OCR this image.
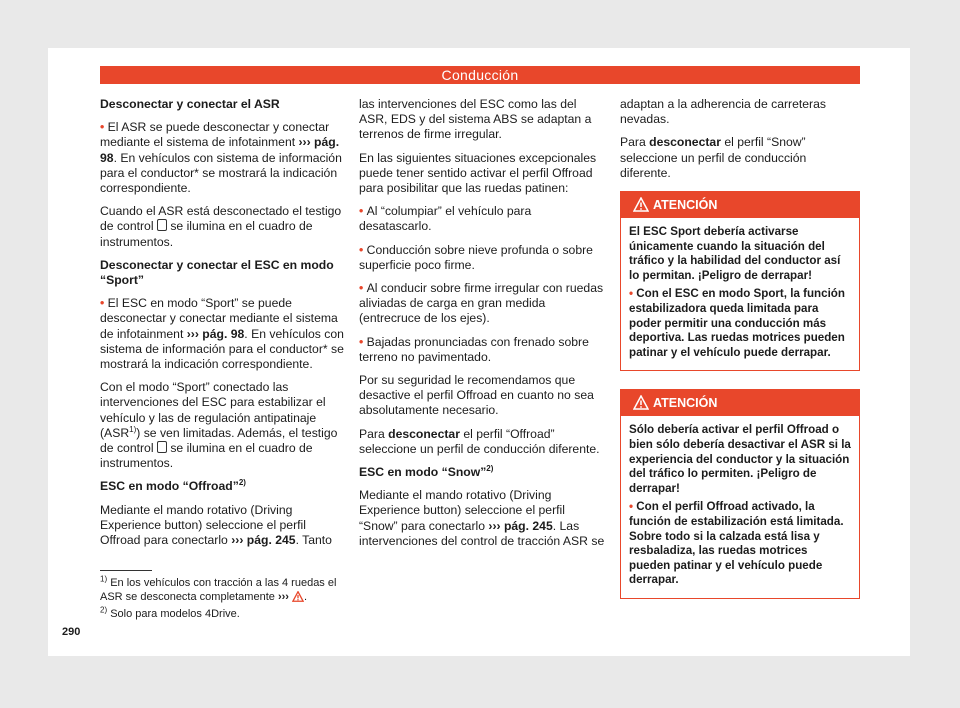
Conducción
Desconectar y conectar el ASR

• El ASR se puede desconectar y conectar mediante el sistema de infotainment ››› pág. 98. En vehículos con sistema de información para el conductor* se mostrará la indicación correspondiente.

Cuando el ASR está desconectado el testigo de control se ilumina en el cuadro de instrumentos.

Desconectar y conectar el ESC en modo “Sport”

• El ESC en modo “Sport” se puede desconectar y conectar mediante el sistema de infotainment ››› pág. 98. En vehículos con sistema de información para el conductor* se mostrará la indicación correspondiente.

Con el modo “Sport” conectado las intervenciones del ESC para estabilizar el vehículo y las de regulación antipatinaje (ASR$^{1)}$) se ven limitadas. Además, el testigo de control se ilumina en el cuadro de instrumentos.

ESC en modo “Offroad”$^{2)}$

Mediante el mando rotativo (Driving Experience button) seleccione el perfil Offroad para conectarlo ››› pág. 245. Tanto

las intervenciones del ESC como las del ASR, EDS y del sistema ABS se adaptan a terrenos de firme irregular.

En las siguientes situaciones excepcionales puede tener sentido activar el perfil Offroad para posibilitar que las ruedas patinen:

• Al “columpiar” el vehículo para desatascarlo.

• Conducción sobre nieve profunda o sobre superficie poco firme.

• Al conducir sobre firme irregular con ruedas aliviadas de carga en gran medida (entrecruce de los ejes).

• Bajadas pronunciadas con frenado sobre terreno no pavimentado.

Por su seguridad le recomendamos que desactive el perfil Offroad en cuanto no sea absolutamente necesario.

Para desconectar el perfil “Offroad” seleccione un perfil de conducción diferente.

ESC en modo “Snow”$^{2)}$

Mediante el mando rotativo (Driving Experience button) seleccione el perfil “Snow” para conectarlo ››› pág. 245. Las intervenciones del control de tracción ASR se

adaptan a la adherencia de carreteras nevadas.

Para desconectar el perfil “Snow” seleccione un perfil de conducción diferente.

ATENCIÓN

El ESC Sport debería activarse únicamente cuando la situación del tráfico y la habilidad del conductor así lo permitan. ¡Peligro de derrapar!

• Con el ESC en modo Sport, la función estabilizadora queda limitada para poder permitir una conducción más deportiva. Las ruedas motrices pueden patinar y el vehículo puede derrapar.

ATENCIÓN

Sólo debería activar el perfil Offroad o bien sólo debería desactivar el ASR si la experiencia del conductor y la situación del tráfico lo permiten. ¡Peligro de derrapar!

• Con el perfil Offroad activado, la función de estabilización está limitada. Sobre todo si la calzada está lisa y resbaladiza, las ruedas motrices pueden patinar y el vehículo puede derrapar.

$^{1)}$ En los vehículos con tracción a las 4 ruedas el ASR se desconecta completamente ››› .
$^{2)}$ Solo para modelos 4Drive.
290
